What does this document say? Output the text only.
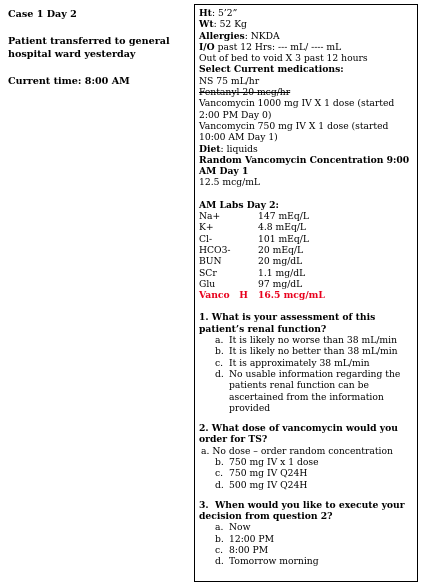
Case 1 Day 2
Patient transferred to general hospital ward yesterday
Current time: 8:00 AM
Ht: 5’2”
Wt: 52 Kg
Allergies: NKDA
I/O past 12 Hrs: --- mL/ ---- mL
Out of bed to void X 3 past 12 hours
Select Current medications:
NS 75 mL/hr
Fentanyl 20 mcg/hr
Vancomycin 1000 mg IV X 1 dose (started 2:00 PM Day 0)
Vancomycin 750 mg IV X 1 dose (started 10:00 AM Day 1)
Diet: liquids
Random Vancomycin Concentration 9:00 AM Day 1
12.5 mcg/mL
AM Labs Day 2:
Na+	147 mEq/L
K+	4.8 mEq/L
Cl-	101 mEq/L
HCO3-	20 mEq/L
BUN	20 mg/dL
SCr	1.1 mg/dL
Glu	97 mg/dL
Vanco   H	16.5 mcg/mL
1. What is your assessment of this patient’s renal function?
a. It is likely no worse than 38 mL/min
b. It is likely no better than 38 mL/min
c. It is approximately 38 mL/min
d. No usable information regarding the patients renal function can be ascertained from the information provided
2. What dose of vancomycin would you order for TS?
a.
No dose – order random concentration
b. 750 mg IV x 1 dose
c. 750 mg IV Q24H
d. 500 mg IV Q24H
3.  When would you like to execute your decision from question 2?
a. Now
b. 12:00 PM
c. 8:00 PM
d. Tomorrow morning
